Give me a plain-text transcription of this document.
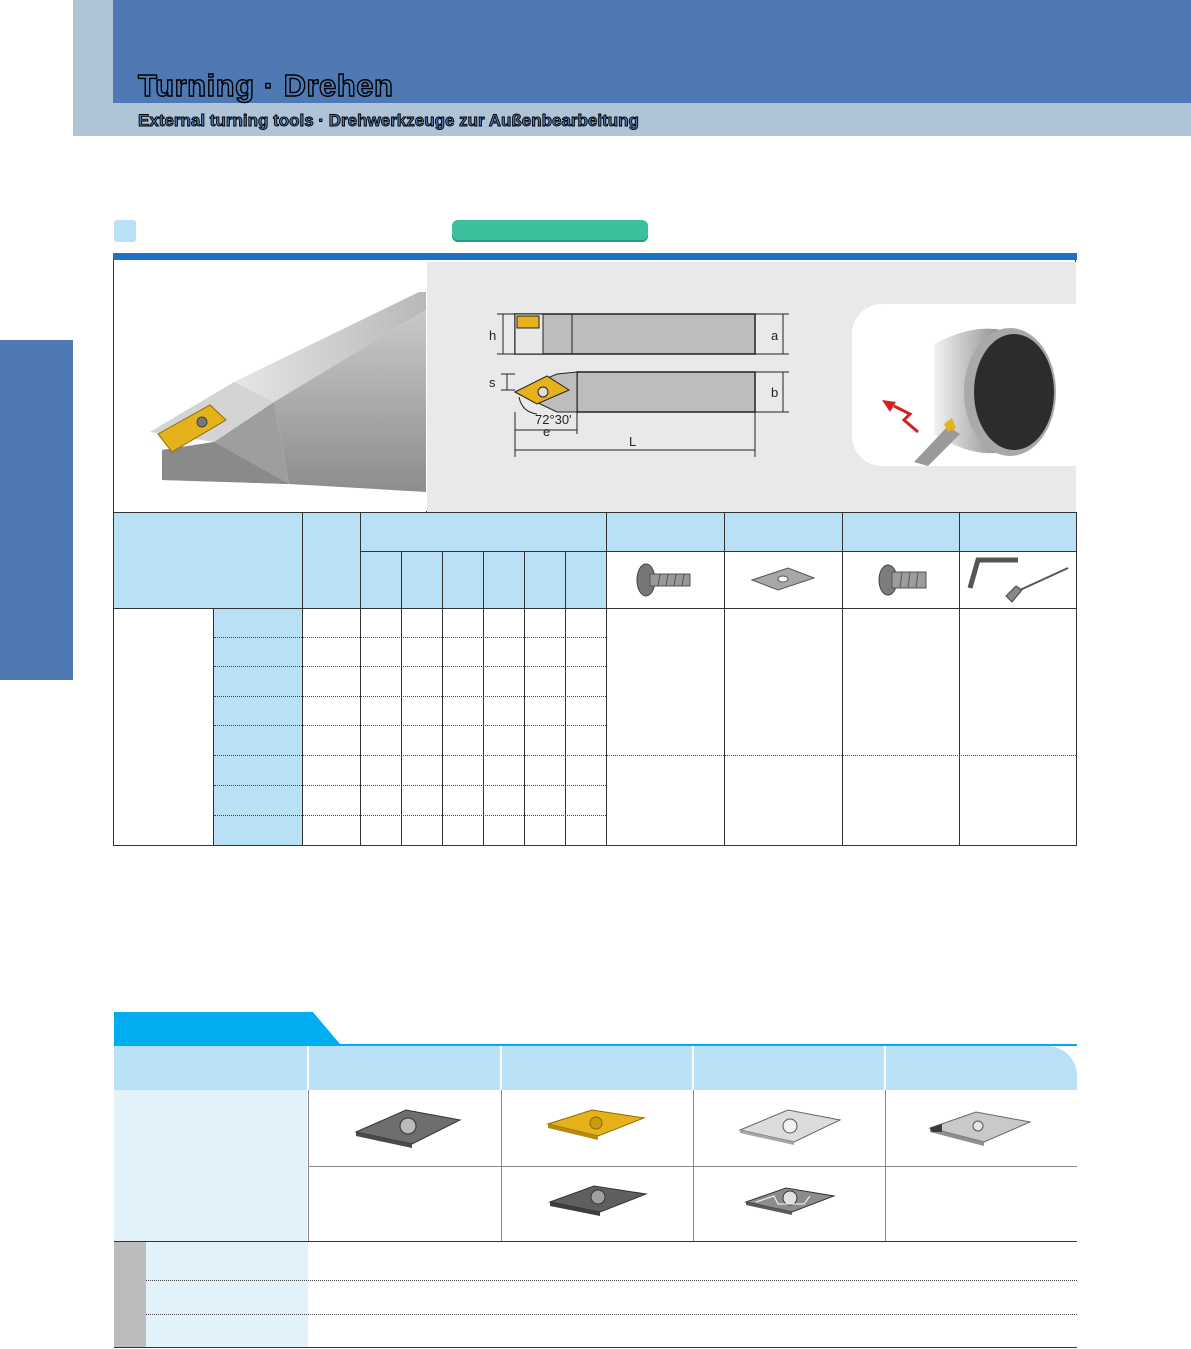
Turning · Drehen
External turning tools · Drehwerkzeuge zur Außenbearbeitung
h	a
s
b
72°30'
e
L
